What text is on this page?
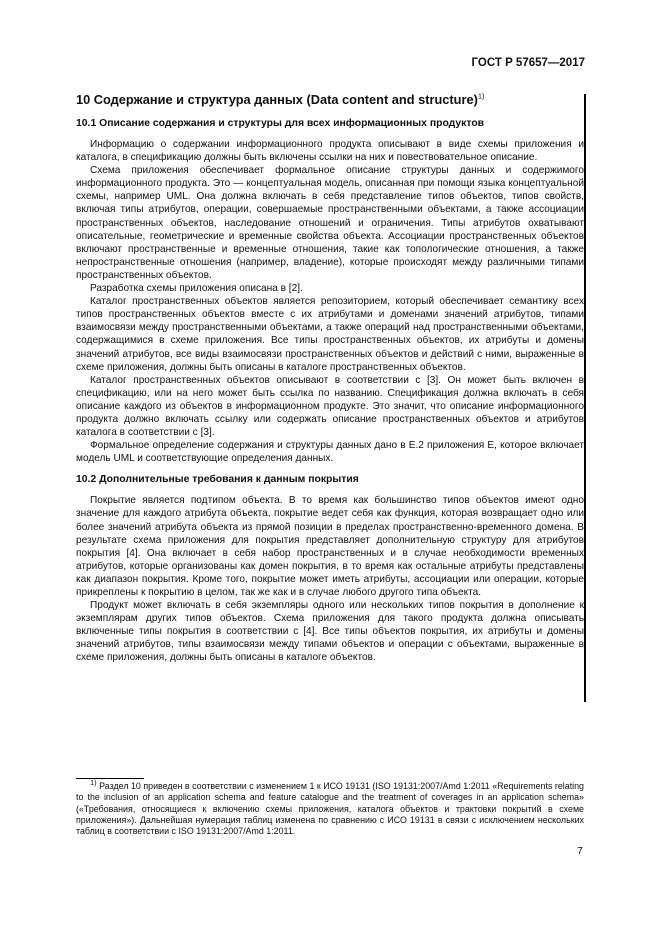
ГОСТ Р 57657—2017
10 Содержание и структура данных (Data content and structure)$^{1)}$
10.1 Описание содержания и структуры для всех информационных продуктов

Информацию о содержании информационного продукта описывают в виде схемы приложения и каталога, в спецификацию должны быть включены ссылки на них и повествовательное описание.

Схема приложения обеспечивает формальное описание структуры данных и содержимого информационного продукта. Это — концептуальная модель, описанная при помощи языка концептуальной схемы, например UML. Она должна включать в себя представление типов объектов, типов свойств, включая типы атрибутов, операции, совершаемые пространственными объектами, а также ассоциации пространственных объектов, наследование отношений и ограничения. Типы атрибутов охватывают описательные, геометрические и временные свойства объекта. Ассоциации пространственных объектов включают пространственные и временные отношения, такие как топологические отношения, а также непространственные отношения (например, владение), которые происходят между различными типами пространственных объектов.

Разработка схемы приложения описана в [2].

Каталог пространственных объектов является репозиторием, который обеспечивает семантику всех типов пространственных объектов вместе с их атрибутами и доменами значений атрибутов, типами взаимосвязи между пространственными объектами, а также операций над пространственными объектами, содержащимися в схеме приложения. Все типы пространственных объектов, их атрибуты и домены значений атрибутов, все виды взаимосвязи пространственных объектов и действий с ними, выраженные в схеме приложения, должны быть описаны в каталоге пространственных объектов.

Каталог пространственных объектов описывают в соответствии с [3]. Он может быть включен в спецификацию, или на него может быть ссылка по названию. Спецификация должна включать в себя описание каждого из объектов в информационном продукте. Это значит, что описание информационного продукта должно включать ссылку или содержать описание пространственных объектов и атрибутов каталога в соответствии с [3].

Формальное определение содержания и структуры данных дано в Е.2 приложения Е, которое включает модель UML и соответствующие определения данных.

10.2 Дополнительные требования к данным покрытия

Покрытие является подтипом объекта. В то время как большинство типов объектов имеют одно значение для каждого атрибута объекта, покрытие ведет себя как функция, которая возвращает одно или более значений атрибута объекта из прямой позиции в пределах пространственно-временного домена. В результате схема приложения для покрытия представляет дополнительную структуру для атрибутов покрытия [4]. Она включает в себя набор пространственных и в случае необходимости временных атрибутов, которые организованы как домен покрытия, в то время как остальные атрибуты представлены как диапазон покрытия. Кроме того, покрытие может иметь атрибуты, ассоциации или операции, которые прикреплены к покрытию в целом, так же как и в случае любого другого типа объекта.

Продукт может включать в себя экземпляры одного или нескольких типов покрытия в дополнение к экземплярам других типов объектов. Схема приложения для такого продукта должна описывать включенные типы покрытия в соответствии с [4]. Все типы объектов покрытия, их атрибуты и домены значений атрибутов, типы взаимосвязи между типами объектов и операции с объектами, выраженные в схеме приложения, должны быть описаны в каталоге объектов.

$^{1)}$ Раздел 10 приведен в соответствии с изменением 1 к ИСО 19131 (ISO 19131:2007/Amd 1:2011 «Requirements relating to the inclusion of an application schema and feature catalogue and the treatment of coverages in an application schema» («Требования, относящиеся к включению схемы приложения, каталога объектов и трактовки покрытий в схеме приложения»). Дальнейшая нумерация таблиц изменена по сравнению с ИСО 19131 в связи с исключением нескольких таблиц в соответствии с ISO 19131:2007/Amd 1:2011.

7
